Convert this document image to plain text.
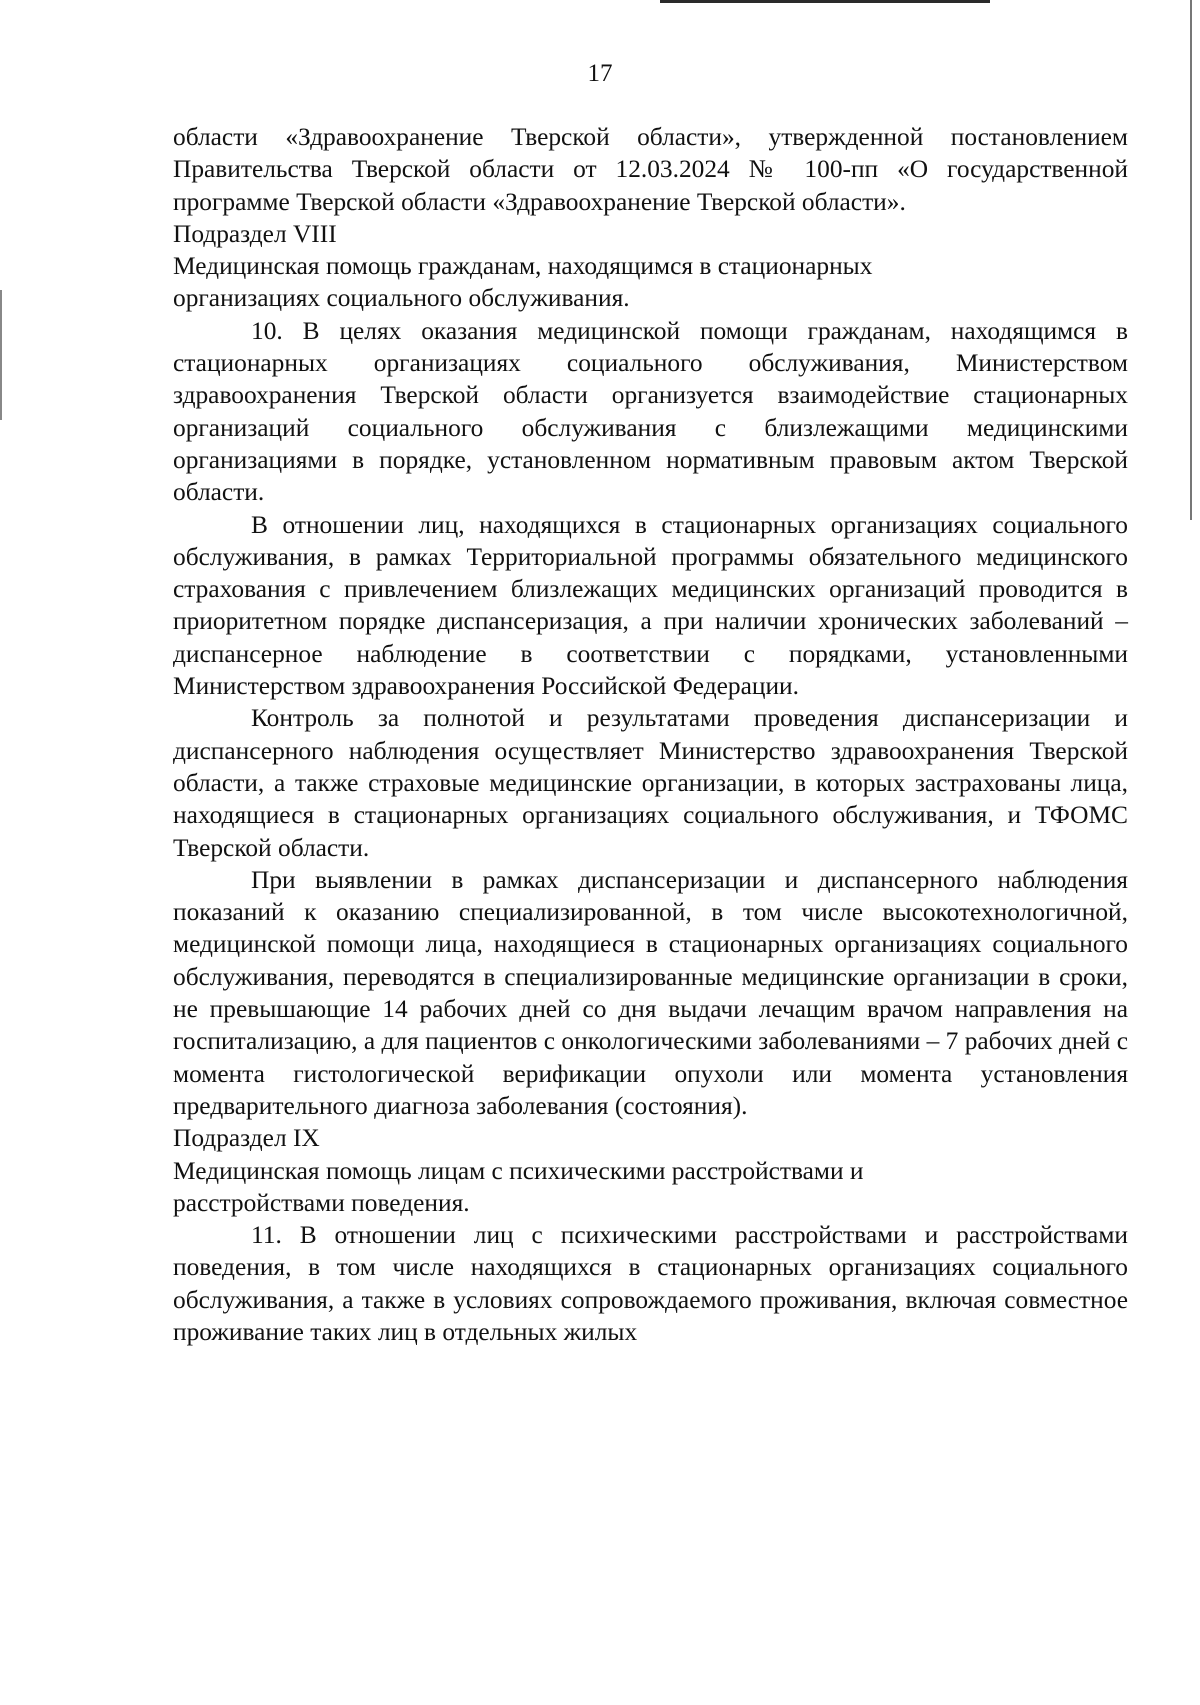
17

области «Здравоохранение Тверской области», утвержденной постановлением Правительства Тверской области от 12.03.2024 № 100-пп «О государственной программе Тверской области «Здравоохранение Тверской области».

Подраздел VIII

Медицинская помощь гражданам, находящимся в стационарных

организациях социального обслуживания.

10. В целях оказания медицинской помощи гражданам, находящимся в стационарных организациях социального обслуживания, Министерством здравоохранения Тверской области организуется взаимодействие стационарных организаций социального обслуживания с близлежащими медицинскими организациями в порядке, установленном нормативным правовым актом Тверской области.

В отношении лиц, находящихся в стационарных организациях социального обслуживания, в рамках Территориальной программы обязательного медицинского страхования с привлечением близлежащих медицинских организаций проводится в приоритетном порядке диспансеризация, а при наличии хронических заболеваний – диспансерное наблюдение в соответствии с порядками, установленными Министерством здравоохранения Российской Федерации.

Контроль за полнотой и результатами проведения диспансеризации и диспансерного наблюдения осуществляет Министерство здравоохранения Тверской области, а также страховые медицинские организации, в которых застрахованы лица, находящиеся в стационарных организациях социального обслуживания, и ТФОМС Тверской области.

При выявлении в рамках диспансеризации и диспансерного наблюдения показаний к оказанию специализированной, в том числе высокотехнологичной, медицинской помощи лица, находящиеся в стационарных организациях социального обслуживания, переводятся в специализированные медицинские организации в сроки, не превышающие 14 рабочих дней со дня выдачи лечащим врачом направления на госпитализацию, а для пациентов с онкологическими заболеваниями – 7 рабочих дней с момента гистологической верификации опухоли или момента установления предварительного диагноза заболевания (состояния).

Подраздел IX

Медицинская помощь лицам с психическими расстройствами и

расстройствами поведения.

11. В отношении лиц с психическими расстройствами и расстройствами поведения, в том числе находящихся в стационарных организациях социального обслуживания, а также в условиях сопровождаемого проживания, включая совместное проживание таких лиц в отдельных жилых
